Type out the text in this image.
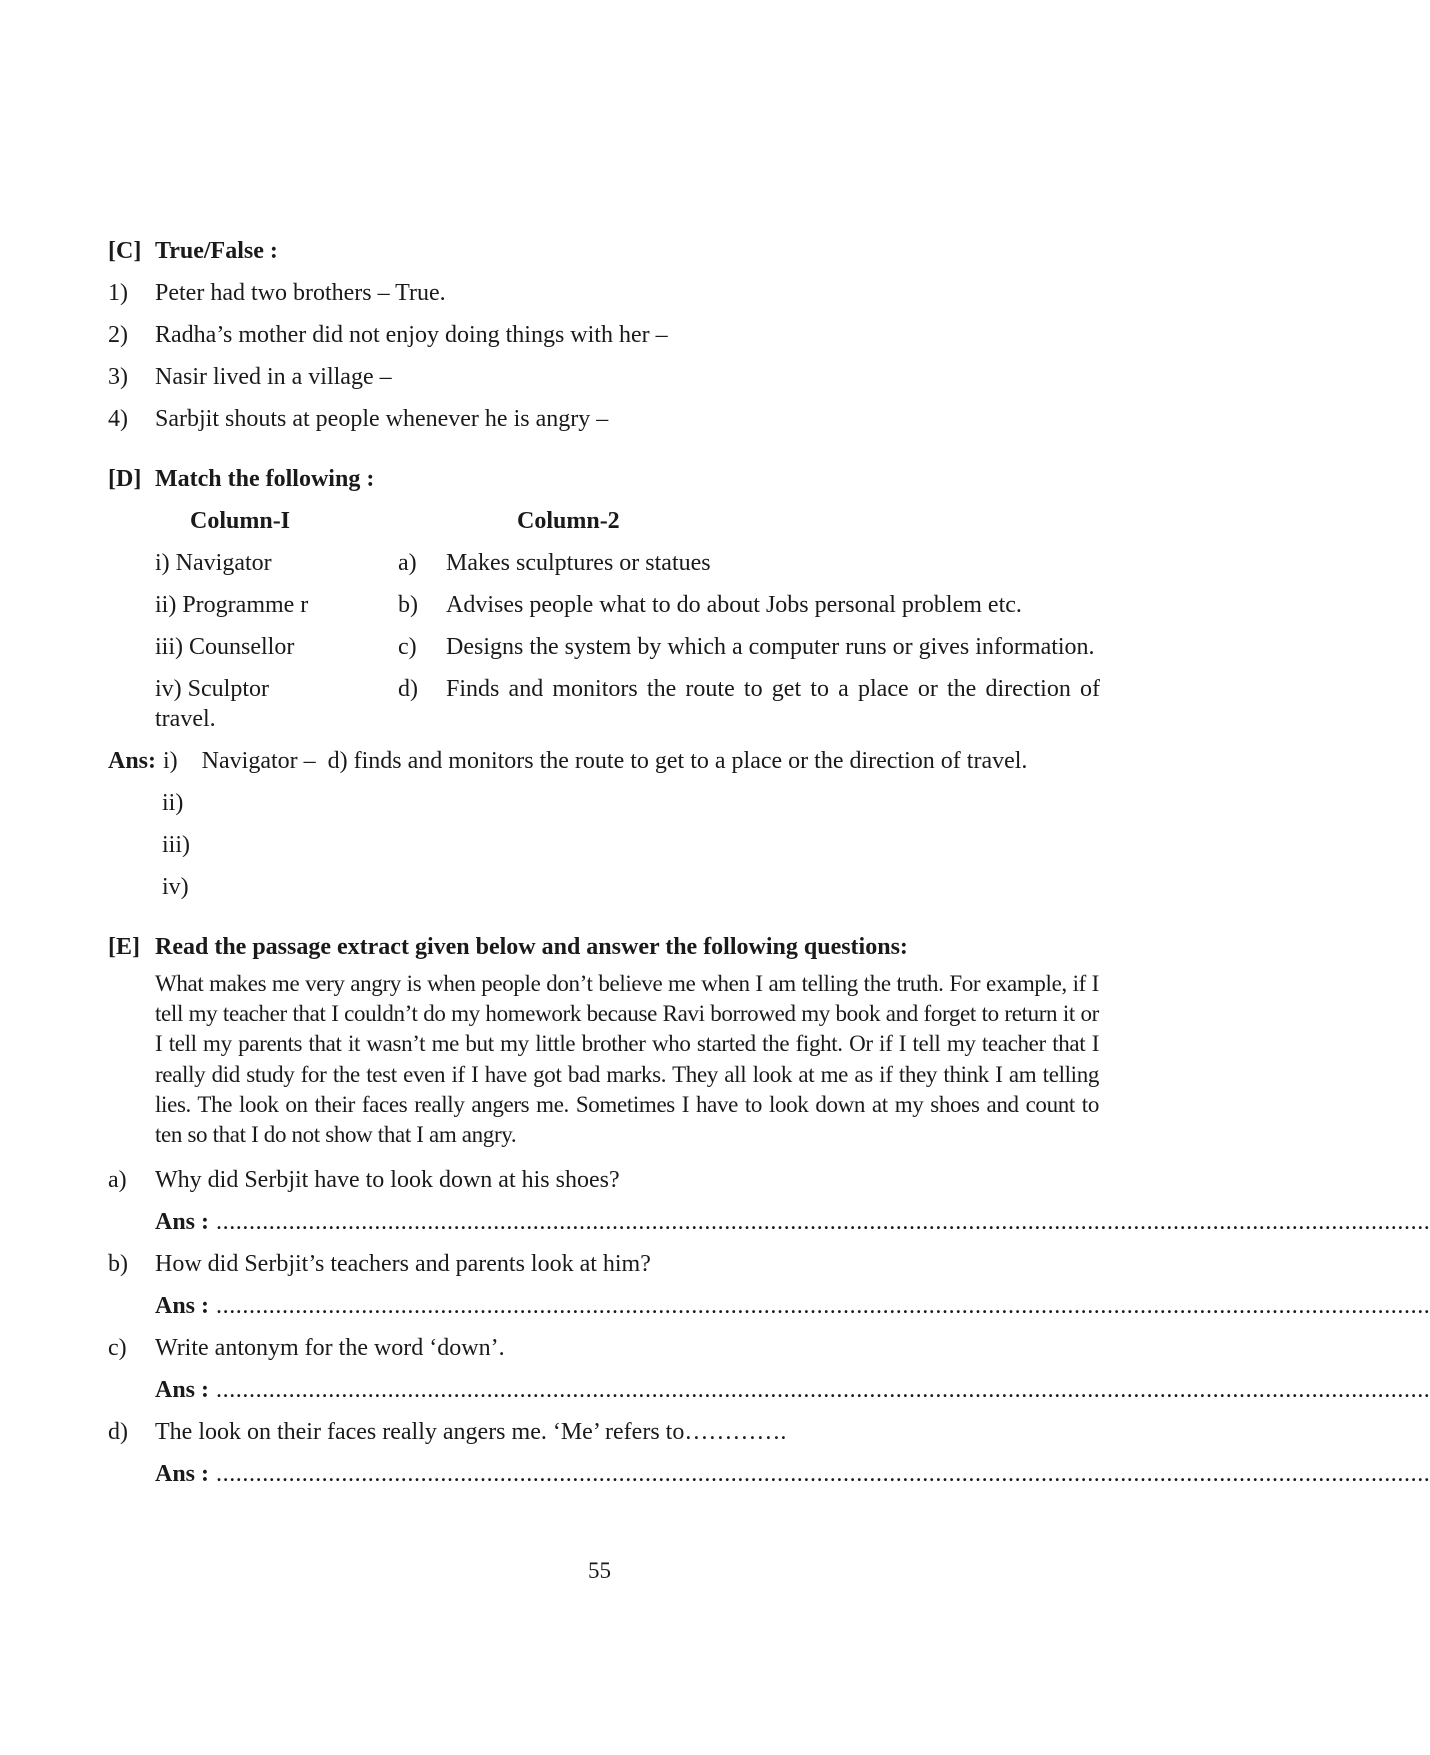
[C] True/False :
1) Peter had two brothers – True.
2) Radha’s mother did not enjoy doing things with her –
3) Nasir lived in a village –
4) Sarbjit shouts at people whenever he is angry –
[D] Match the following :
Column-I	Column-2
i) Navigator	a) Makes sculptures or statues
ii) Programme r	b) Advises people what to do about Jobs personal problem etc.
iii) Counsellor	c) Designs the system by which a computer runs or gives information.
iv) Sculptor	d) Finds and monitors the route to get to a place or the direction of
travel.
Ans: i)    Navigator –  d) finds and monitors the route to get to a place or the direction of travel.
ii)
iii)
iv)
[E] Read the passage extract given below and answer the following questions:
What makes me very angry is when people don’t believe me when I am telling the truth. For example, if I tell my teacher that I couldn’t do my homework because Ravi borrowed my book and forget to return it or I tell my parents that it wasn’t me but my little brother who started the fight. Or if I tell my teacher that I really did study for the test even if I have got bad marks. They all look at me as if they think I am telling lies. The look on their faces really angers me. Sometimes I have to look down at my shoes and count to ten so that I do not show that I am angry.
a) Why did Serbjit have to look down at his shoes?
Ans : ........................................................................................................................................................................................
b) How did Serbjit’s teachers and parents look at him?
Ans : ........................................................................................................................................................................................
c) Write antonym for the word ‘down’.
Ans : ........................................................................................................................................................................................
d) The look on their faces really angers me. ‘Me’ refers to………….
Ans : ........................................................................................................................................................................................
55
